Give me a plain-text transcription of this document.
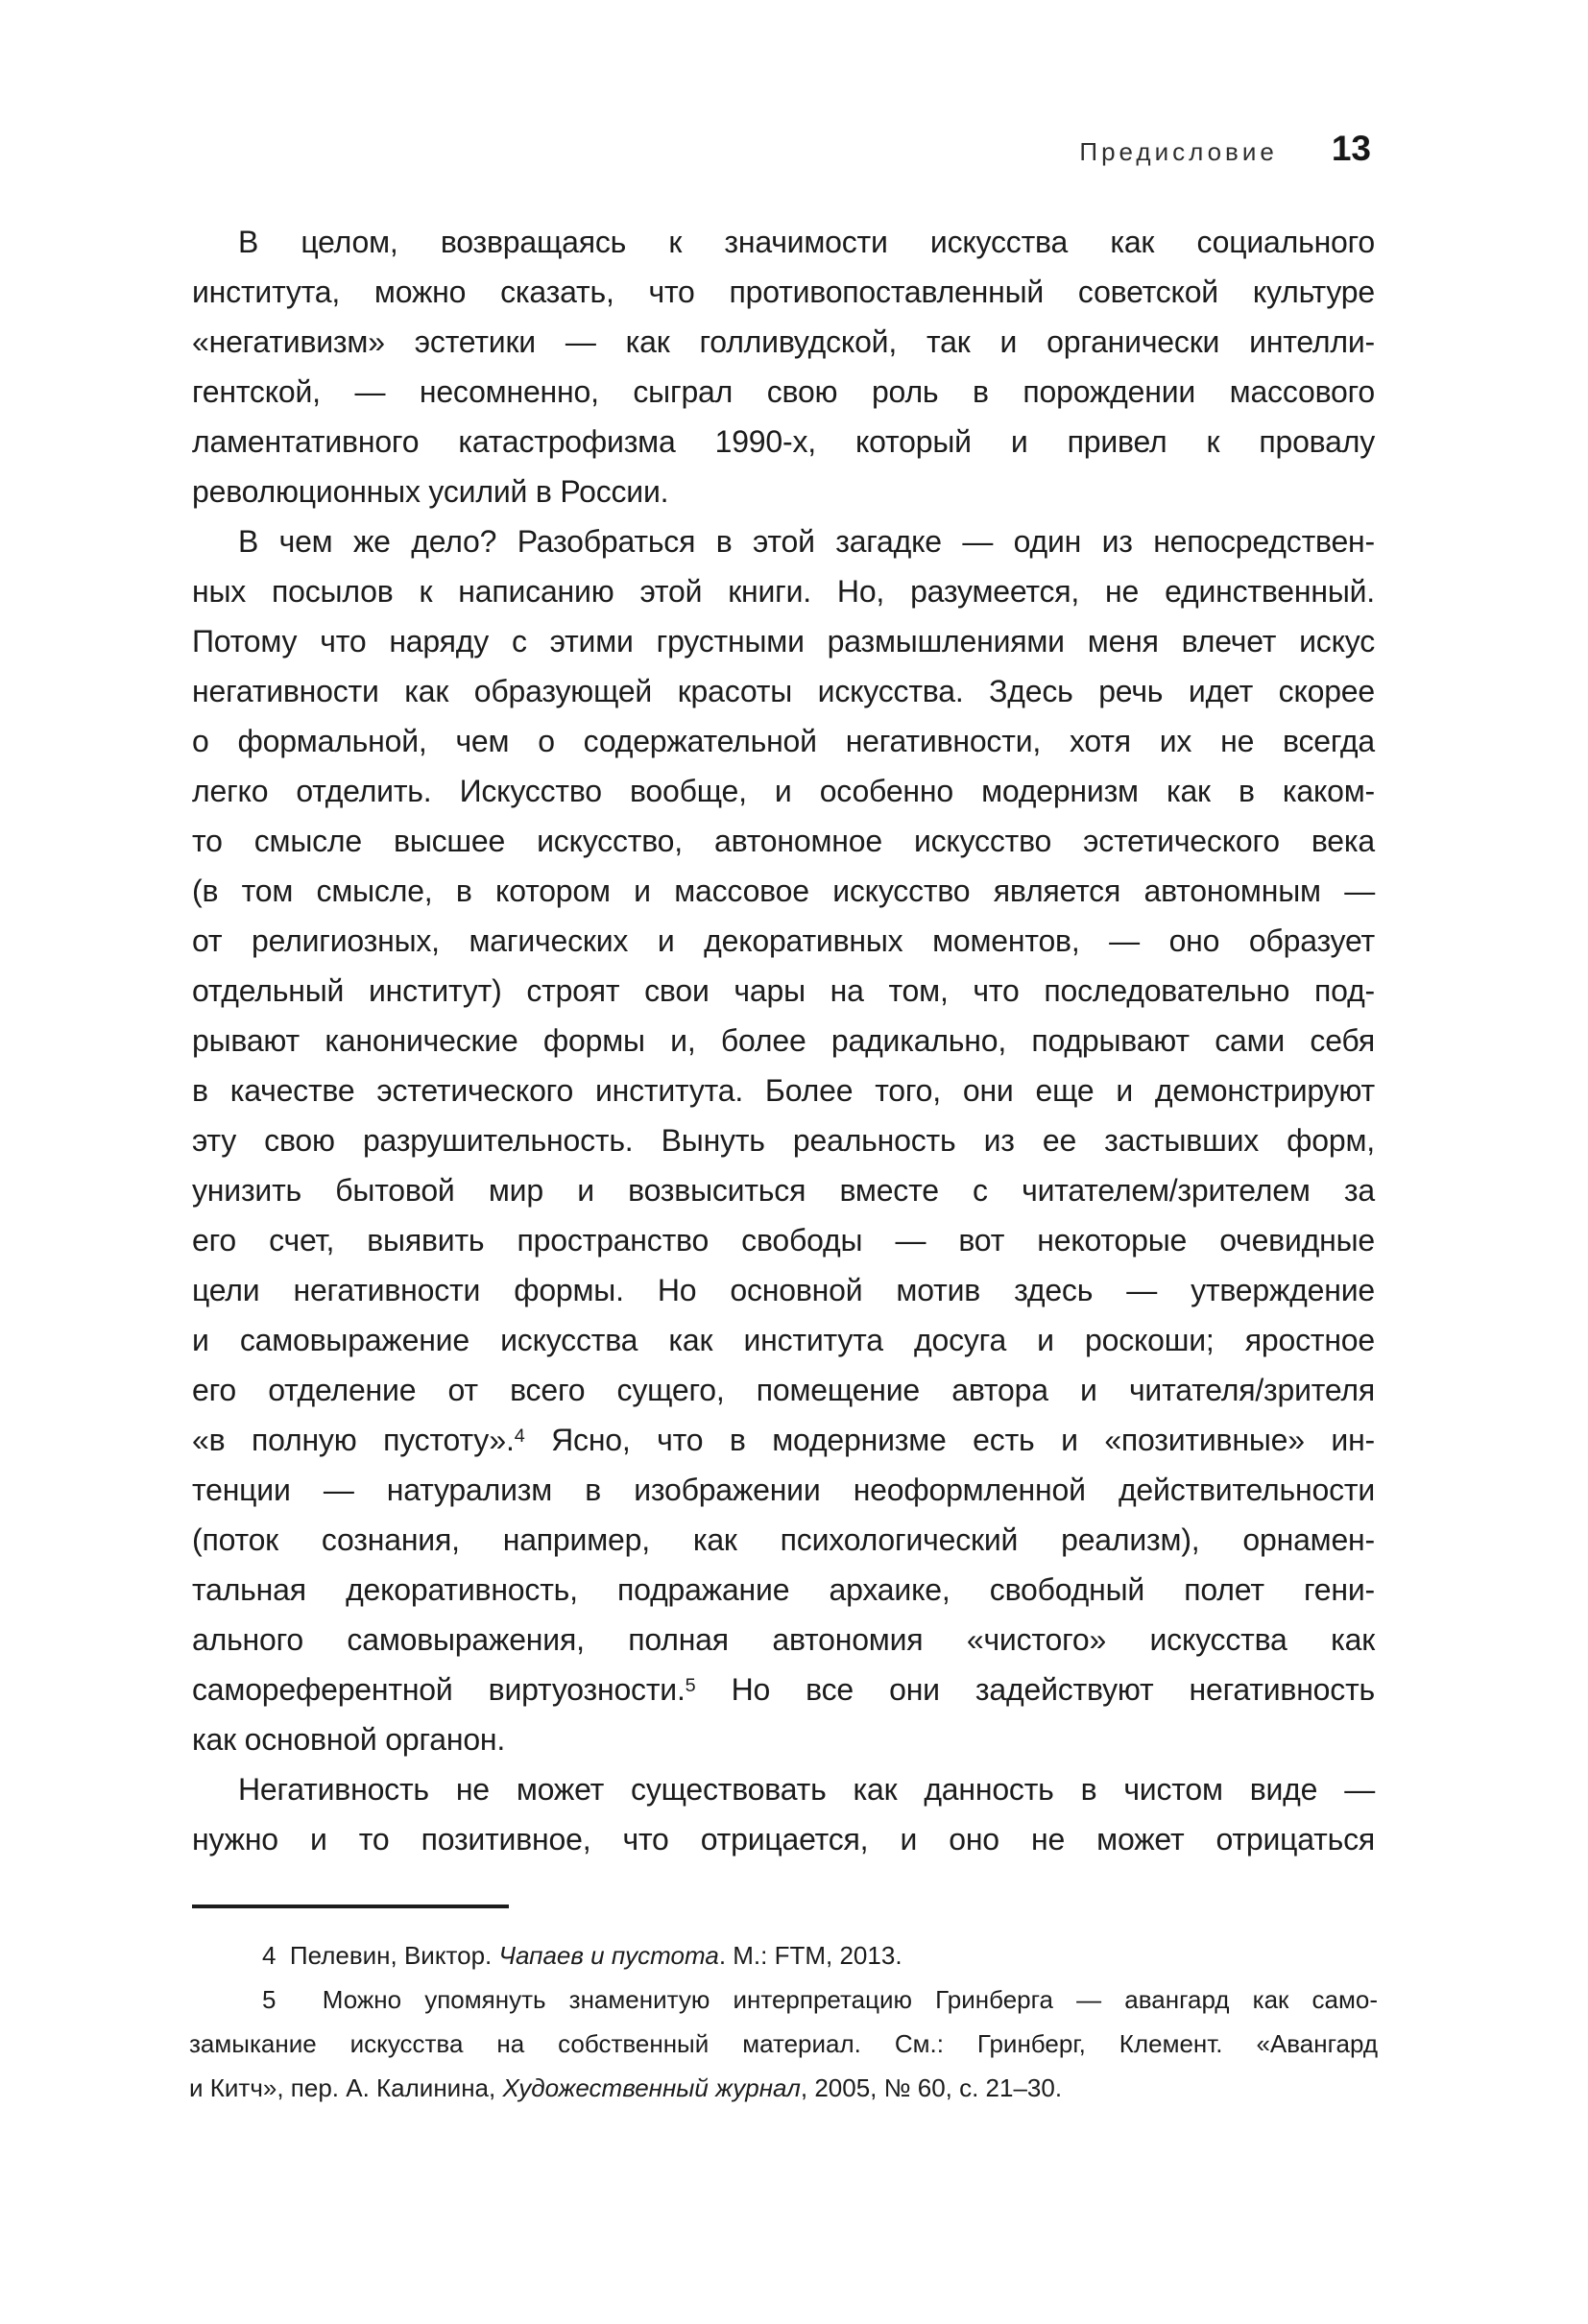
Предисловие 13
В целом, возвращаясь к значимости искусства как социального
института, можно сказать, что противопоставленный советской культуре
«негативизм» эстетики — как голливудской, так и органически интелли-
гентской, — несомненно, сыграл свою роль в порождении массового
ламентативного катастрофизма 1990-х, который и привел к провалу
революционных усилий в России.
В чем же дело? Разобраться в этой загадке — один из непосредствен-
ных посылов к написанию этой книги. Но, разумеется, не единственный.
Потому что наряду с этими грустными размышлениями меня влечет искус
негативности как образующей красоты искусства. Здесь речь идет скорее
о формальной, чем о содержательной негативности, хотя их не всегда
легко отделить. Искусство вообще, и особенно модернизм как в каком-
то смысле высшее искусство, автономное искусство эстетического века
(в том смысле, в котором и массовое искусство является автономным —
от религиозных, магических и декоративных моментов, — оно образует
отдельный институт) строят свои чары на том, что последовательно под-
рывают канонические формы и, более радикально, подрывают сами себя
в качестве эстетического института. Более того, они еще и демонстрируют
эту свою разрушительность. Вынуть реальность из ее застывших форм,
унизить бытовой мир и возвыситься вместе с читателем/зрителем за
его счет, выявить пространство свободы — вот некоторые очевидные
цели негативности формы. Но основной мотив здесь — утверждение
и самовыражение искусства как института досуга и роскоши; яростное
его отделение от всего сущего, помещение автора и читателя/зрителя
«в полную пустоту».$^4$ Ясно, что в модернизме есть и «позитивные» ин-
тенции — натурализм в изображении неоформленной действительности
(поток сознания, например, как психологический реализм), орнамен-
тальная декоративность, подражание архаике, свободный полет гени-
ального самовыражения, полная автономия «чистого» искусства как
самореферентной виртуозности.$^5$ Но все они задействуют негативность
как основной органон.
Негативность не может существовать как данность в чистом виде —
нужно и то позитивное, что отрицается, и оно не может отрицаться
4  Пелевин, Виктор. Чапаев и пустота. М.: FTM, 2013.
5  Можно упомянуть знаменитую интерпретацию Гринберга — авангард как само-
замыкание искусства на собственный материал. См.: Гринберг, Клемент. «Авангард
и Китч», пер. А. Калинина, Художественный журнал, 2005, № 60, с. 21–30.
